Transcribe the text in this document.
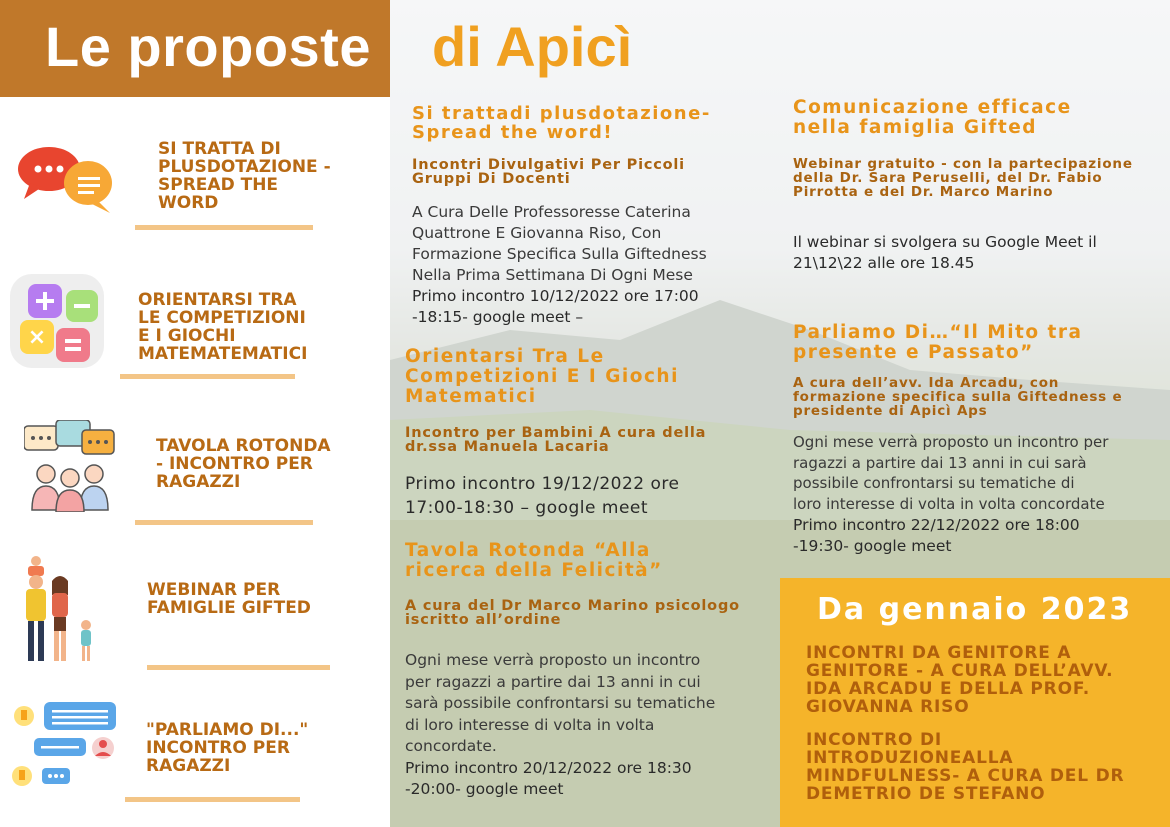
Le proposte
SI TRATTA DI
PLUSDOTAZIONE -
SPREAD THE
WORD
×
ORIENTARSI TRA
LE COMPETIZIONI
E I GIOCHI
MATEMATEMATICI
TAVOLA ROTONDA
- INCONTRO PER
RAGAZZI
WEBINAR PER
FAMIGLIE GIFTED
"PARLIAMO DI..."
INCONTRO PER
RAGAZZI
di Apicì
Si trattadi plusdotazione-
Spread the word!
Incontri Divulgativi Per Piccoli
Gruppi Di Docenti
A Cura Delle Professoresse Caterina
Quattrone E Giovanna Riso, Con
Formazione Specifica Sulla Giftedness
Nella Prima Settimana Di Ogni Mese
Primo incontro 10/12/2022 ore 17:00
-18:15- google meet –
Orientarsi Tra Le
Competizioni E I Giochi
Matematici
Incontro per Bambini A cura della
dr.ssa Manuela Lacaria
Primo incontro 19/12/2022 ore
17:00-18:30 – google meet
Tavola Rotonda “Alla
ricerca della Felicità”
A cura del Dr Marco Marino psicologo
iscritto all’ordine
Ogni mese verrà proposto un incontro
per ragazzi a partire dai 13 anni in cui
sarà possibile confrontarsi su tematiche
di loro interesse di volta in volta
concordate.
Primo incontro 20/12/2022 ore 18:30
-20:00- google meet
Comunicazione efficace
nella famiglia Gifted
Webinar gratuito - con la partecipazione
della Dr. Sara Peruselli, del Dr. Fabio
Pirrotta e del Dr. Marco Marino
Il webinar si svolgera su Google Meet il
21\12\22 alle ore 18.45
Parliamo Di…“Il Mito tra
presente e Passato”
A cura dell’avv. Ida Arcadu, con
formazione specifica sulla Giftedness e
presidente di Apicì Aps
Ogni mese verrà proposto un incontro per
ragazzi a partire dai 13 anni in cui sarà
possibile confrontarsi su tematiche di
loro interesse di volta in volta concordate
Primo incontro 22/12/2022 ore 18:00
-19:30- google meet
Da gennaio 2023
INCONTRI DA GENITORE A
GENITORE - A CURA DELL’AVV.
IDA ARCADU E DELLA PROF.
GIOVANNA RISO
INCONTRO DI
INTRODUZIONEALLA
MINDFULNESS- A CURA DEL DR
DEMETRIO DE STEFANO
